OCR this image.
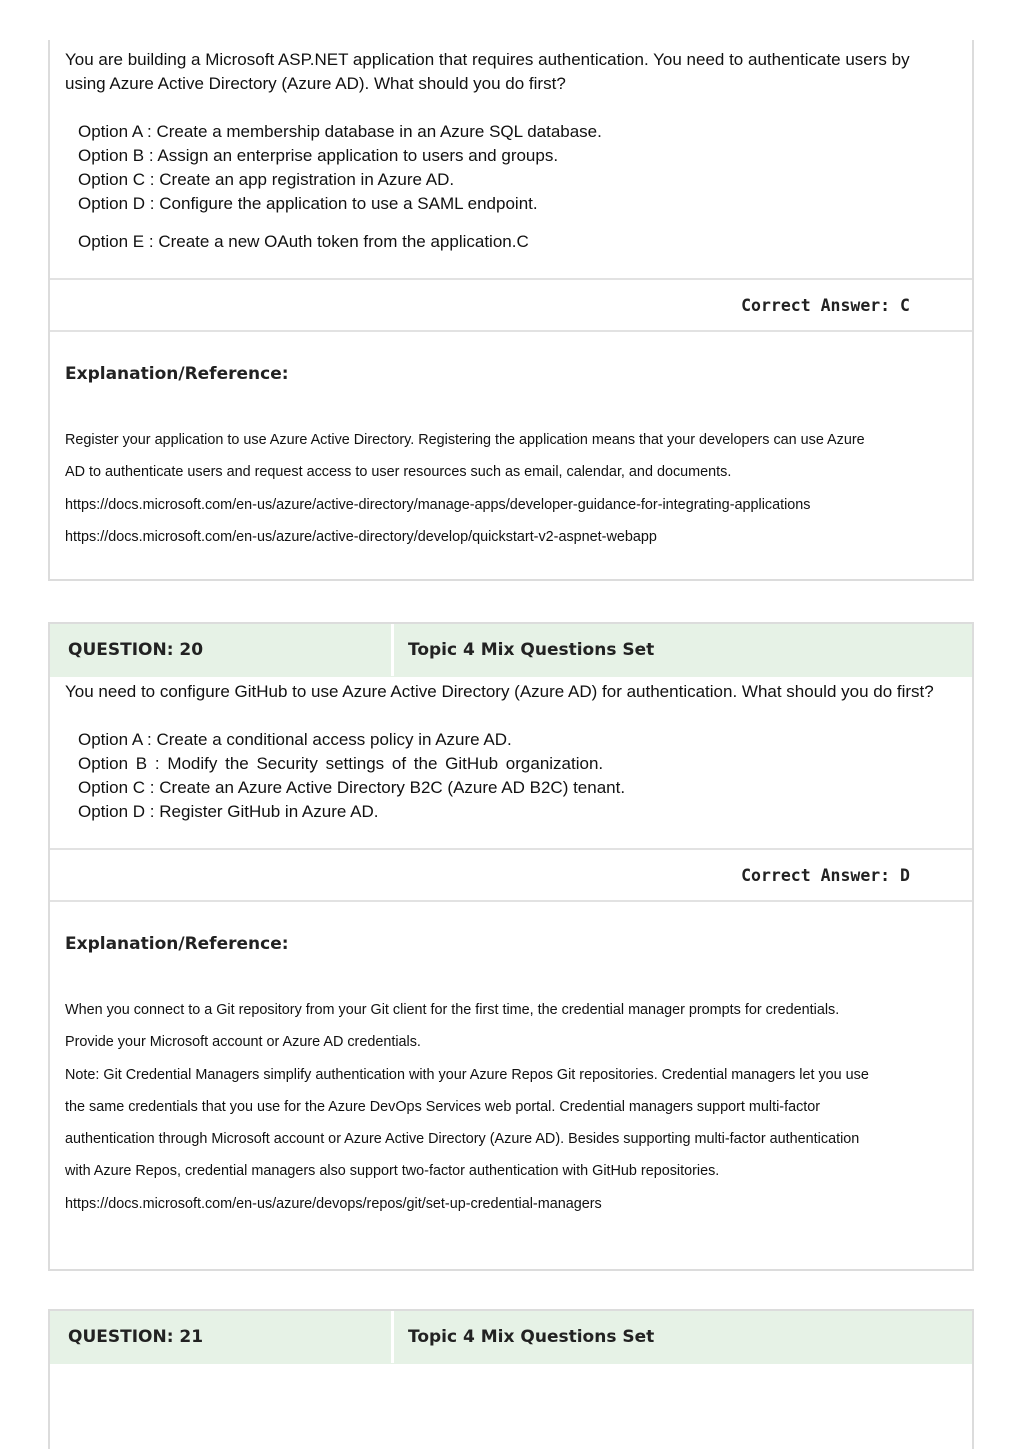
You are building a Microsoft ASP.NET application that requires authentication. You need to authenticate users by using Azure Active Directory (Azure AD). What should you do first?
Option A : Create a membership database in an Azure SQL database.
Option B : Assign an enterprise application to users and groups.
Option C : Create an app registration in Azure AD.
Option D : Configure the application to use a SAML endpoint.
Option E : Create a new OAuth token from the application.C
Correct Answer: C
Explanation/Reference:

Register your application to use Azure Active Directory. Registering the application means that your developers can use Azure

AD to authenticate users and request access to user resources such as email, calendar, and documents.

https://docs.microsoft.com/en-us/azure/active-directory/manage-apps/developer-guidance-for-integrating-applications

https://docs.microsoft.com/en-us/azure/active-directory/develop/quickstart-v2-aspnet-webapp

QUESTION: 20	Topic 4 Mix Questions Set
You need to configure GitHub to use Azure Active Directory (Azure AD) for authentication. What should you do first?
Option A : Create a conditional access policy in Azure AD.
Option B : Modify the Security settings of the GitHub organization.
Option C : Create an Azure Active Directory B2C (Azure AD B2C) tenant.
Option D : Register GitHub in Azure AD.
Correct Answer: D
Explanation/Reference:

When you connect to a Git repository from your Git client for the first time, the credential manager prompts for credentials.

Provide your Microsoft account or Azure AD credentials.

Note: Git Credential Managers simplify authentication with your Azure Repos Git repositories. Credential managers let you use

the same credentials that you use for the Azure DevOps Services web portal. Credential managers support multi-factor

authentication through Microsoft account or Azure Active Directory (Azure AD). Besides supporting multi-factor authentication

with Azure Repos, credential managers also support two-factor authentication with GitHub repositories.

https://docs.microsoft.com/en-us/azure/devops/repos/git/set-up-credential-managers

QUESTION: 21	Topic 4 Mix Questions Set
